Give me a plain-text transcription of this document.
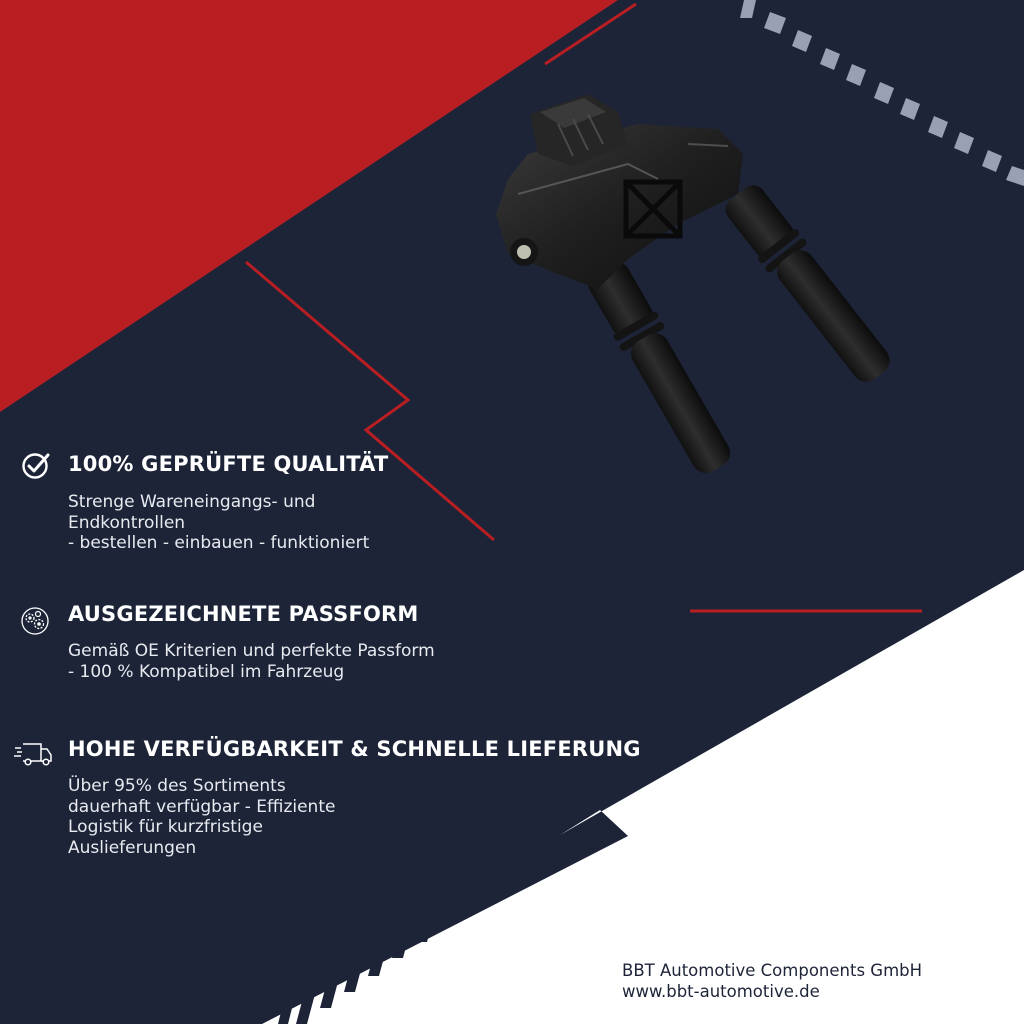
100% GEPRÜFTE QUALITÄT
Strenge Wareneingangs- und
Endkontrollen
- bestellen - einbauen - funktioniert
AUSGEZEICHNETE PASSFORM
Gemäß OE Kriterien und perfekte Passform
- 100 % Kompatibel im Fahrzeug
HOHE VERFÜGBARKEIT & SCHNELLE LIEFERUNG
Über 95% des Sortiments
dauerhaft verfügbar - Effiziente
Logistik für kurzfristige
Auslieferungen
BBT Automotive Components GmbH
www.bbt-automotive.de
